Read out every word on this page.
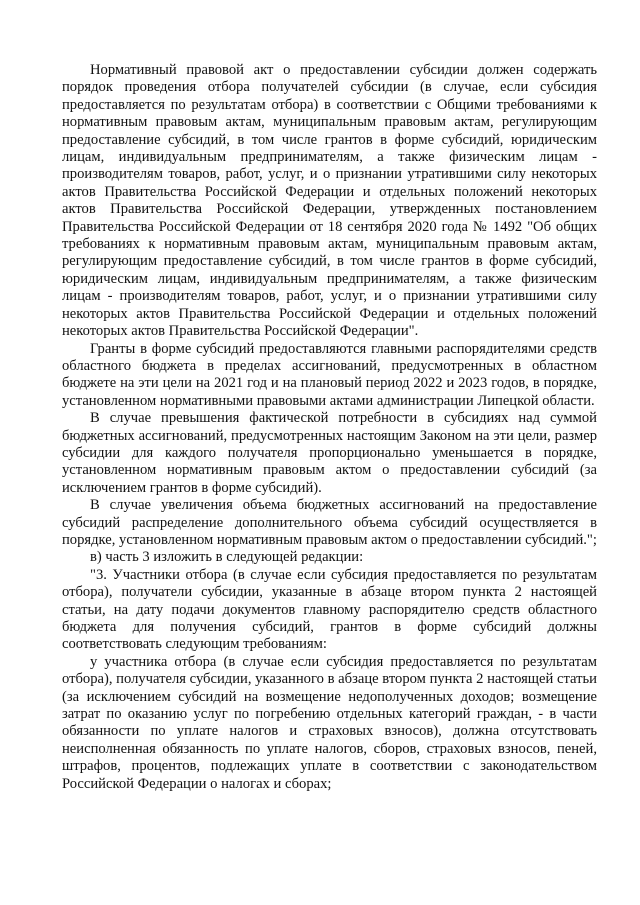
Нормативный правовой акт о предоставлении субсидии должен содержать порядок проведения отбора получателей субсидии (в случае, если субсидия предоставляется по результатам отбора) в соответствии с Общими требованиями к нормативным правовым актам, муниципальным правовым актам, регулирующим предоставление субсидий, в том числе грантов в форме субсидий, юридическим лицам, индивидуальным предпринимателям, а также физическим лицам - производителям товаров, работ, услуг, и о признании утратившими силу некоторых актов Правительства Российской Федерации и отдельных положений некоторых актов Правительства Российской Федерации, утвержденных постановлением Правительства Российской Федерации от 18 сентября 2020 года № 1492 "Об общих требованиях к нормативным правовым актам, муниципальным правовым актам, регулирующим предоставление субсидий, в том числе грантов в форме субсидий, юридическим лицам, индивидуальным предпринимателям, а также физическим лицам - производителям товаров, работ, услуг, и о признании утратившими силу некоторых актов Правительства Российской Федерации и отдельных положений некоторых актов Правительства Российской Федерации".

Гранты в форме субсидий предоставляются главными распорядителями средств областного бюджета в пределах ассигнований, предусмотренных в областном бюджете на эти цели на 2021 год и на плановый период 2022 и 2023 годов, в порядке, установленном нормативными правовыми актами администрации Липецкой области.

В случае превышения фактической потребности в субсидиях над суммой бюджетных ассигнований, предусмотренных настоящим Законом на эти цели, размер субсидии для каждого получателя пропорционально уменьшается в порядке, установленном нормативным правовым актом о предоставлении субсидий (за исключением грантов в форме субсидий).

В случае увеличения объема бюджетных ассигнований на предоставление субсидий распределение дополнительного объема субсидий осуществляется в порядке, установленном нормативным правовым актом о предоставлении субсидий.";

в) часть 3 изложить в следующей редакции:

"3. Участники отбора (в случае если субсидия предоставляется по результатам отбора), получатели субсидии, указанные в абзаце втором пункта 2 настоящей статьи, на дату подачи документов главному распорядителю средств областного бюджета для получения субсидий, грантов в форме субсидий должны соответствовать следующим требованиям:

у участника отбора (в случае если субсидия предоставляется по результатам отбора), получателя субсидии, указанного в абзаце втором пункта 2 настоящей статьи (за исключением субсидий на возмещение недополученных доходов; возмещение затрат по оказанию услуг по погребению отдельных категорий граждан, - в части обязанности по уплате налогов и страховых взносов), должна отсутствовать неисполненная обязанность по уплате налогов, сборов, страховых взносов, пеней, штрафов, процентов, подлежащих уплате в соответствии с законодательством Российской Федерации о налогах и сборах;
